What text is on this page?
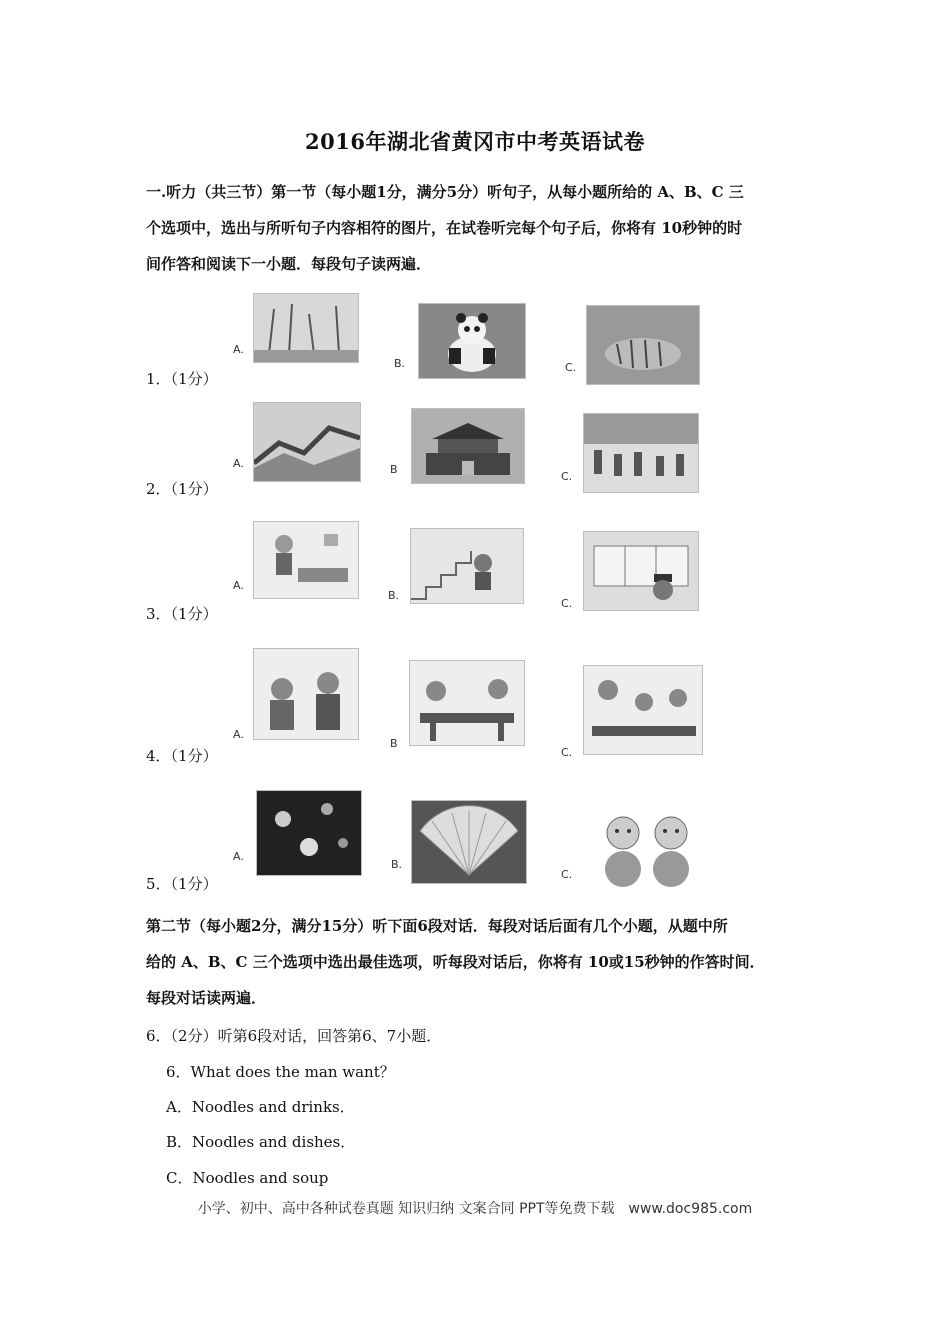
2016年湖北省黄冈市中考英语试卷
一.听力（共三节）第一节（每小题1分，满分5分）听句子，从每小题所给的 A、B、C 三
个选项中，选出与所听句子内容相符的图片，在试卷听完每个句子后，你将有 10秒钟的时
间作答和阅读下一小题．每段句子读两遍．
1．（1分）
A.
B.	C.
2．（1分）
A.	B
C.
3．（1分）
A.
B.
C.
4．（1分）
A.
B
C.
5．（1分）
A.
B.
C.
第二节（每小题2分，满分15分）听下面6段对话．每段对话后面有几个小题，从题中所
给的 A、B、C 三个选项中选出最佳选项，听每段对话后，你将有 10或15秒钟的作答时间．
每段对话读两遍．
6．（2分）听第6段对话，回答第6、7小题．
6．What does the man want？
A．Noodles and drinks．
B．Noodles and dishes．
C．Noodles and soup
小学、初中、高中各种试卷真题 知识归纳 文案合同 PPT等免费下载　www.doc985.com
